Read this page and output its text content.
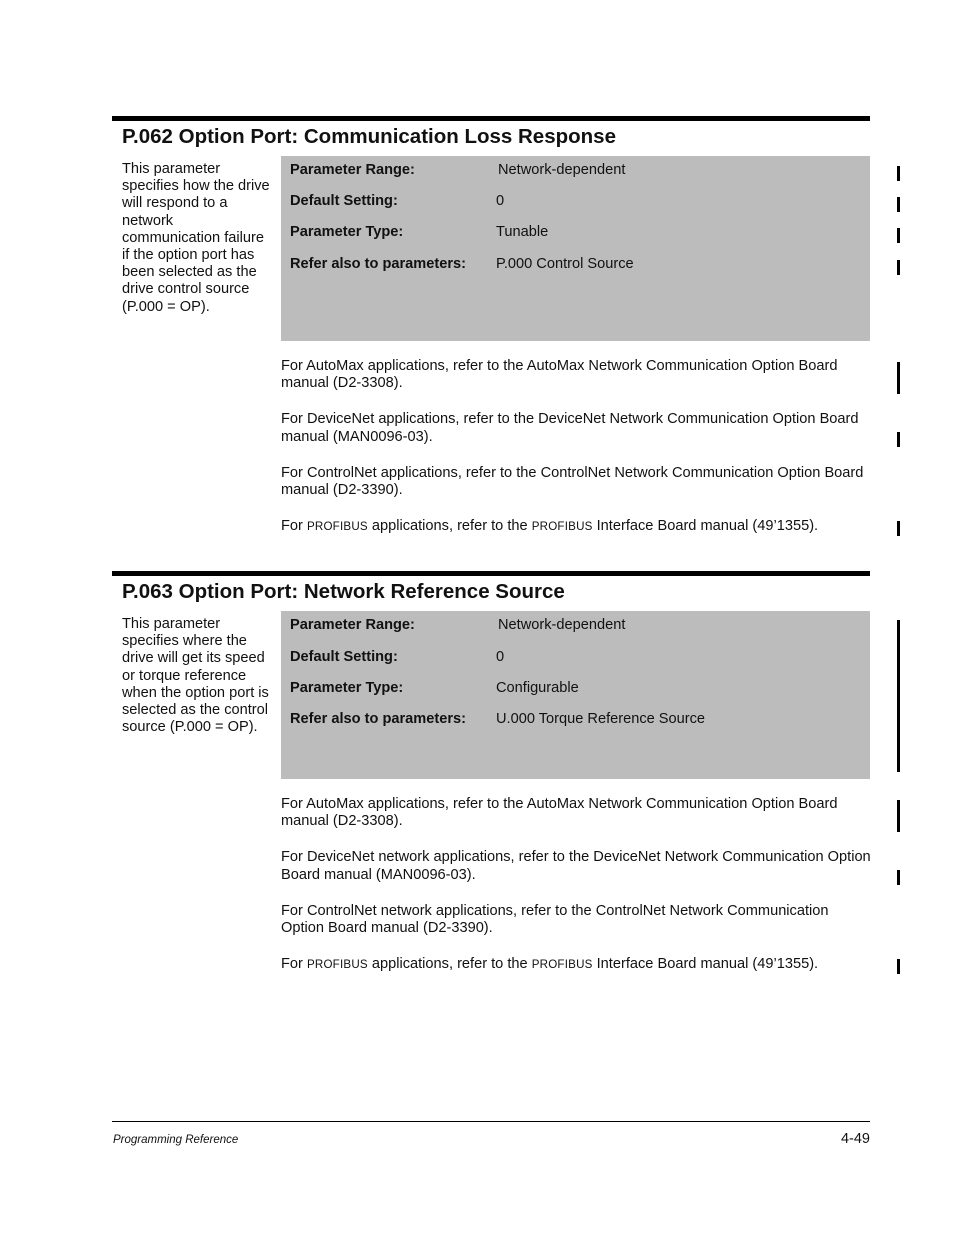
P.062 Option Port: Communication Loss Response
This parameter specifies how the drive will respond to a network communication failure if the option port has been selected as the drive control source (P.000 = OP).
Parameter Range:	Network-dependent
Default Setting:	0
Parameter Type:	Tunable
Refer also to parameters: P.000 Control Source

For AutoMax applications, refer to the AutoMax Network Communication Option Board manual (D2-3308).

For DeviceNet applications, refer to the DeviceNet Network Communication Option Board manual (MAN0096-03).

For ControlNet applications, refer to the ControlNet Network Communication Option Board manual (D2-3390).

For PROFIBUS applications, refer to the PROFIBUS Interface Board manual (49’1355).

P.063 Option Port: Network Reference Source
This parameter specifies where the drive will get its speed or torque reference when the option port is selected as the control source (P.000 = OP).
Parameter Range:	Network-dependent
Default Setting:	0
Parameter Type:	Configurable
Refer also to parameters: U.000 Torque Reference Source

For AutoMax applications, refer to the AutoMax Network Communication Option Board manual (D2-3308).

For DeviceNet network applications, refer to the DeviceNet Network Communication Option Board manual (MAN0096-03).

For ControlNet network applications, refer to the ControlNet Network Communication Option Board manual (D2-3390).

For PROFIBUS applications, refer to the PROFIBUS Interface Board manual (49’1355).

Programming Reference	4-49
